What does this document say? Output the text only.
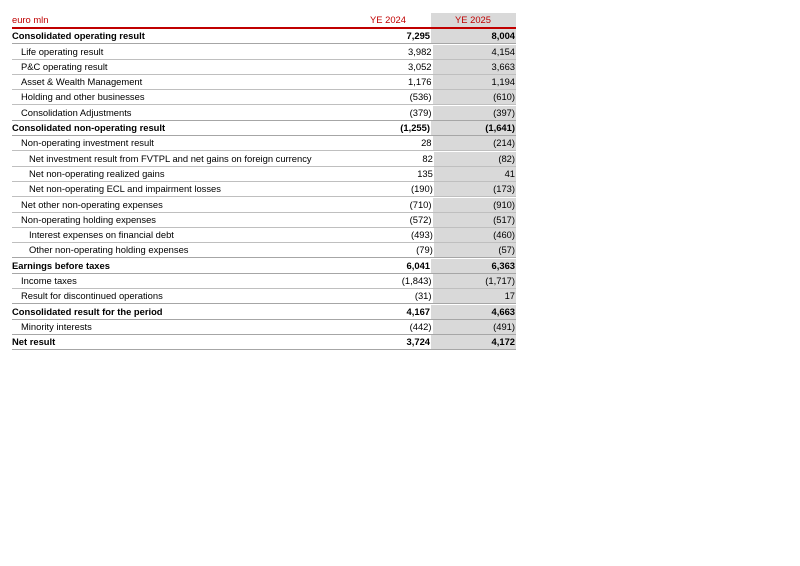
euro mln	YE 2024	YE 2025
Consolidated operating result	7,295	8,004
Life operating result	3,982	4,154
P&C operating result	3,052	3,663
Asset & Wealth Management	1,176	1,194
Holding and other businesses	(536)	(610)
Consolidation Adjustments	(379)	(397)
Consolidated non-operating result	(1,255)	(1,641)
Non-operating investment result	28	(214)
Net investment result from FVTPL and net gains on foreign currency	82	(82)
Net non-operating realized gains	135	41
Net non-operating ECL and impairment losses	(190)	(173)
Net other non-operating expenses	(710)	(910)
Non-operating holding expenses	(572)	(517)
Interest expenses on financial debt	(493)	(460)
Other non-operating holding expenses	(79)	(57)
Earnings before taxes	6,041	6,363
Income taxes	(1,843)	(1,717)
Result for discontinued operations	(31)	17
Consolidated result for the period	4,167	4,663
Minority interests	(442)	(491)
Net result	3,724	4,172
